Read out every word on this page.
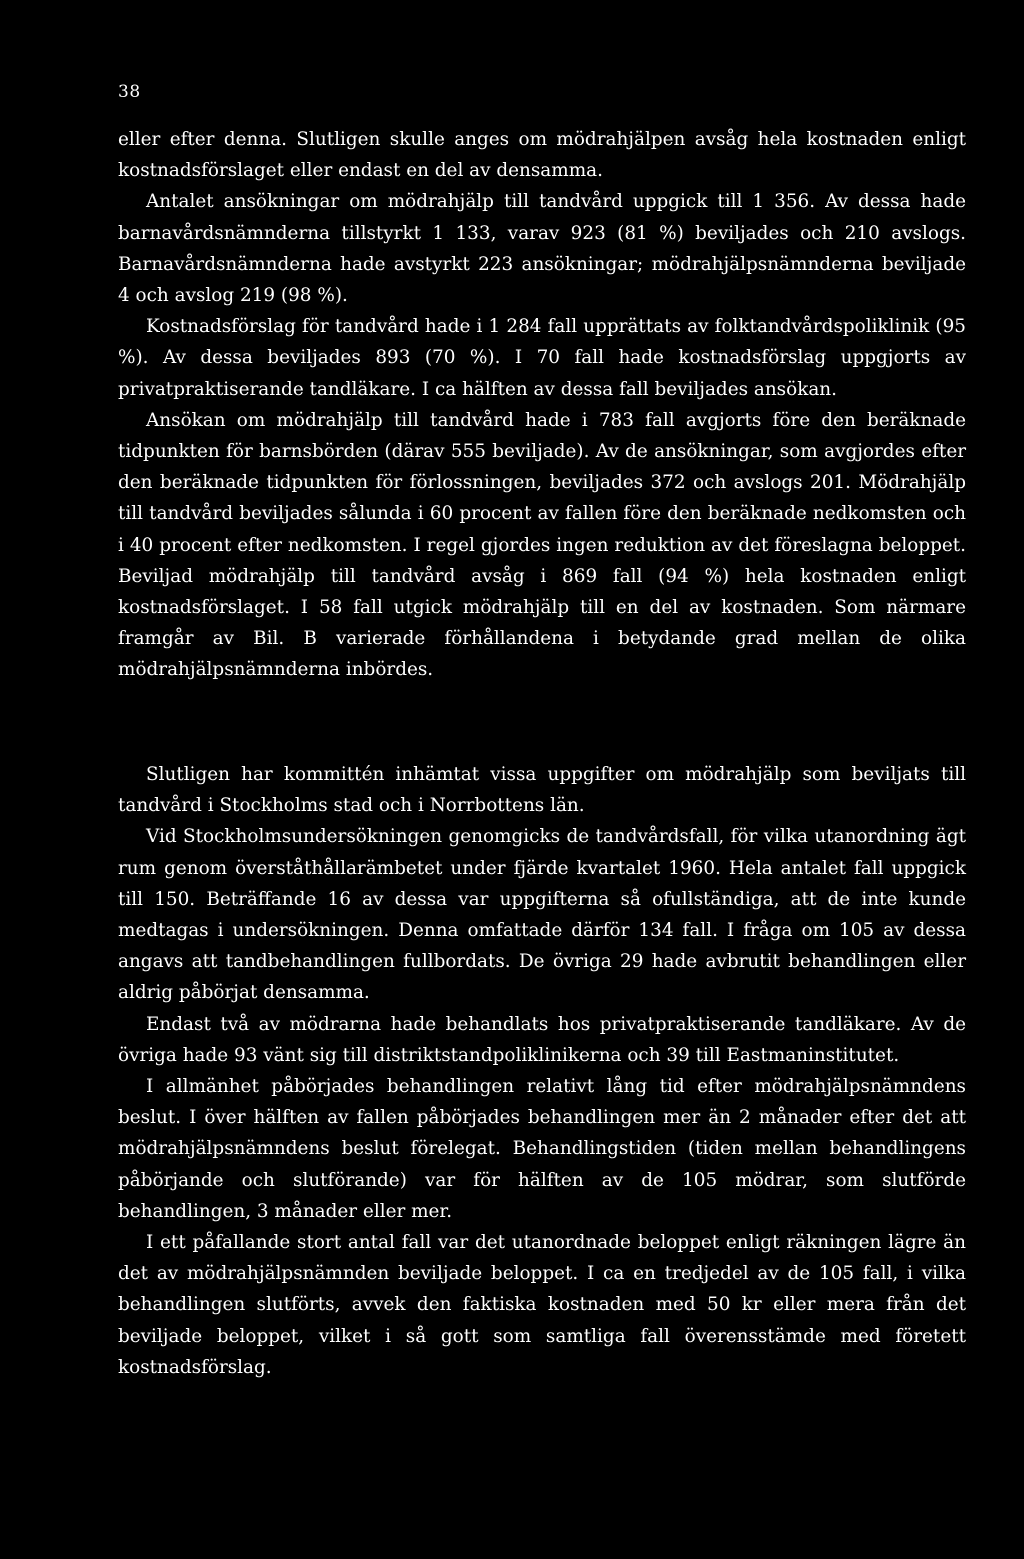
38

eller efter denna. Slutligen skulle anges om mödrahjälpen avsåg hela kostnaden enligt kostnadsförslaget eller endast en del av densamma.

Antalet ansökningar om mödrahjälp till tandvård uppgick till 1 356. Av dessa hade barnavårdsnämnderna tillstyrkt 1 133, varav 923 (81 %) beviljades och 210 avslogs. Barnavårdsnämnderna hade avstyrkt 223 ansökningar; mödrahjälpsnämnderna beviljade 4 och avslog 219 (98 %).

Kostnadsförslag för tandvård hade i 1 284 fall upprättats av folktandvårdspoliklinik (95 %). Av dessa beviljades 893 (70 %). I 70 fall hade kostnadsförslag uppgjorts av privatpraktiserande tandläkare. I ca hälften av dessa fall beviljades ansökan.

Ansökan om mödrahjälp till tandvård hade i 783 fall avgjorts före den beräknade tidpunkten för barnsbörden (därav 555 beviljade). Av de ansökningar, som avgjordes efter den beräknade tidpunkten för förlossningen, beviljades 372 och avslogs 201. Mödrahjälp till tandvård beviljades sålunda i 60 procent av fallen före den beräknade nedkomsten och i 40 procent efter nedkomsten. I regel gjordes ingen reduktion av det föreslagna beloppet. Beviljad mödrahjälp till tandvård avsåg i 869 fall (94 %) hela kostnaden enligt kostnadsförslaget. I 58 fall utgick mödrahjälp till en del av kostnaden. Som närmare framgår av Bil. B varierade förhållandena i betydande grad mellan de olika mödrahjälpsnämnderna inbördes.

Slutligen har kommittén inhämtat vissa uppgifter om mödrahjälp som beviljats till tandvård i Stockholms stad och i Norrbottens län.

Vid Stockholmsundersökningen genomgicks de tandvårdsfall, för vilka utanordning ägt rum genom överståthållarämbetet under fjärde kvartalet 1960. Hela antalet fall uppgick till 150. Beträffande 16 av dessa var uppgifterna så ofullständiga, att de inte kunde medtagas i undersökningen. Denna omfattade därför 134 fall. I fråga om 105 av dessa angavs att tandbehandlingen fullbordats. De övriga 29 hade avbrutit behandlingen eller aldrig påbörjat densamma.

Endast två av mödrarna hade behandlats hos privatpraktiserande tandläkare. Av de övriga hade 93 vänt sig till distriktstandpoliklinikerna och 39 till Eastmaninstitutet.

I allmänhet påbörjades behandlingen relativt lång tid efter mödrahjälpsnämndens beslut. I över hälften av fallen påbörjades behandlingen mer än 2 månader efter det att mödrahjälpsnämndens beslut förelegat. Behandlingstiden (tiden mellan behandlingens påbörjande och slutförande) var för hälften av de 105 mödrar, som slutförde behandlingen, 3 månader eller mer.

I ett påfallande stort antal fall var det utanordnade beloppet enligt räkningen lägre än det av mödrahjälpsnämnden beviljade beloppet. I ca en tredjedel av de 105 fall, i vilka behandlingen slutförts, avvek den faktiska kostnaden med 50 kr eller mera från det beviljade beloppet, vilket i så gott som samtliga fall överensstämde med företett kostnadsförslag.
